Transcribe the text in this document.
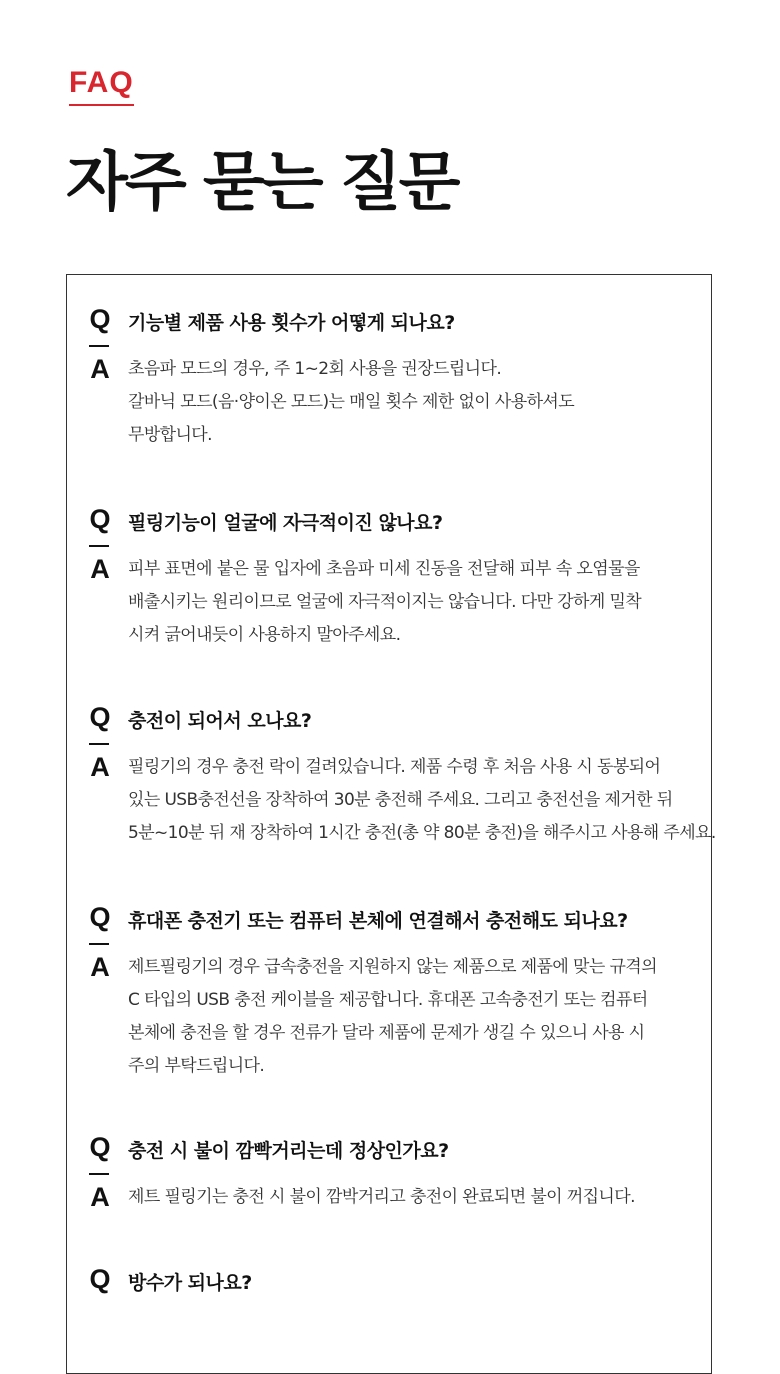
FAQ
자주 묻는 질문
Q
A
기능별 제품 사용 횟수가 어떻게 되나요?
초음파 모드의 경우, 주 1~2회 사용을 권장드립니다.
갈바닉 모드(음·양이온 모드)는 매일 횟수 제한 없이 사용하셔도
무방합니다.
Q
A
필링기능이 얼굴에 자극적이진 않나요?
피부 표면에 붙은 물 입자에 초음파 미세 진동을 전달해 피부 속 오염물을
배출시키는 원리이므로 얼굴에 자극적이지는 않습니다. 다만 강하게 밀착
시켜 긁어내듯이 사용하지 말아주세요.
Q
A
충전이 되어서 오나요?
필링기의 경우 충전 락이 걸려있습니다. 제품 수령 후 처음 사용 시 동봉되어
있는 USB충전선을 장착하여 30분 충전해 주세요. 그리고 충전선을 제거한 뒤
5분~10분 뒤 재 장착하여 1시간 충전(총 약 80분 충전)을 해주시고 사용해 주세요.
Q
A
휴대폰 충전기 또는 컴퓨터 본체에 연결해서 충전해도 되나요?
제트필링기의 경우 급속충전을 지원하지 않는 제품으로 제품에 맞는 규격의
C 타입의 USB 충전 케이블을 제공합니다. 휴대폰 고속충전기 또는 컴퓨터
본체에 충전을 할 경우 전류가 달라 제품에 문제가 생길 수 있으니 사용 시
주의 부탁드립니다.
Q
A
충전 시 불이 깜빡거리는데 정상인가요?
제트 필링기는 충전 시 불이 깜박거리고 충전이 완료되면 불이 꺼집니다.
Q 방수가 되나요?
